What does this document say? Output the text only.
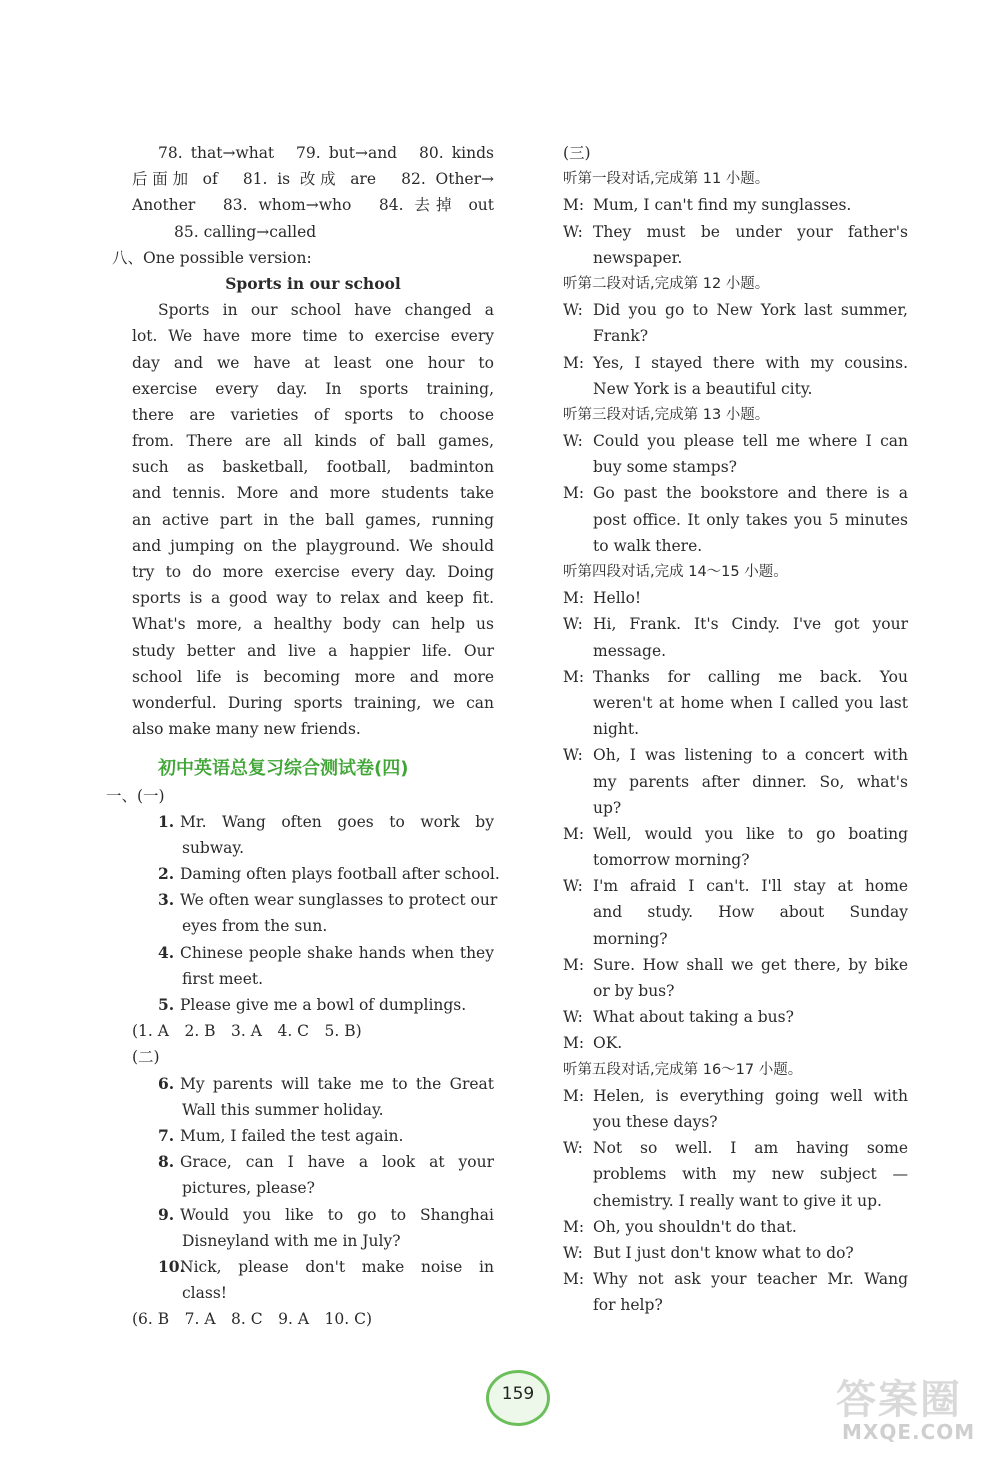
78. that→what　79. but→and　80. kinds
后面加 of　81. is 改成 are　82. Other→
Another　83. whom→who　84. 去掉 out
85. calling→called
八、One possible version:
Sports in our school
Sports in our school have changed a
lot. We have more time to exercise every
day and we have at least one hour to
exercise every day. In sports training,
there are varieties of sports to choose
from. There are all kinds of ball games,
such as basketball, football, badminton
and tennis. More and more students take
an active part in the ball games, running
and jumping on the playground. We should
try to do more exercise every day. Doing
sports is a good way to relax and keep fit.
What's more, a healthy body can help us
study better and live a happier life. Our
school life is becoming more and more
wonderful. During sports training, we can
also make many new friends.
初中英语总复习综合测试卷(四)
一、(一)
1. Mr. Wang often goes to work by
subway.
2. Daming often plays football after school.
3. We often wear sunglasses to protect our
eyes from the sun.
4. Chinese people shake hands when they
first meet.
5. Please give me a bowl of dumplings.
(1. A　2. B　3. A　4. C　5. B)
(二)
6. My parents will take me to the Great
Wall this summer holiday.
7. Mum, I failed the test again.
8. Grace, can I have a look at your
pictures, please?
9. Would you like to go to Shanghai
Disneyland with me in July?
10.Nick, please don't make noise in
class!
(6. B　7. A　8. C　9. A　10. C)
(三)
听第一段对话,完成第 11 小题。
M: Mum, I can't find my sunglasses.
W: They must be under your father's
newspaper.
听第二段对话,完成第 12 小题。
W: Did you go to New York last summer,
Frank?
M: Yes, I stayed there with my cousins.
New York is a beautiful city.
听第三段对话,完成第 13 小题。
W: Could you please tell me where I can
buy some stamps?
M: Go past the bookstore and there is a
post office. It only takes you 5 minutes
to walk there.
听第四段对话,完成 14～15 小题。
M: Hello!
W: Hi, Frank. It's Cindy. I've got your
message.
M: Thanks for calling me back. You
weren't at home when I called you last
night.
W: Oh, I was listening to a concert with
my parents after dinner. So, what's
up?
M: Well, would you like to go boating
tomorrow morning?
W: I'm afraid I can't. I'll stay at home
and study. How about Sunday
morning?
M: Sure. How shall we get there, by bike
or by bus?
W: What about taking a bus?
M: OK.
听第五段对话,完成第 16～17 小题。
M: Helen, is everything going well with
you these days?
W: Not so well. I am having some
problems with my new subject —
chemistry. I really want to give it up.
M: Oh, you shouldn't do that.
W: But I just don't know what to do?
M: Why not ask your teacher Mr. Wang
for help?
159	答案圈
MXQE.COM
